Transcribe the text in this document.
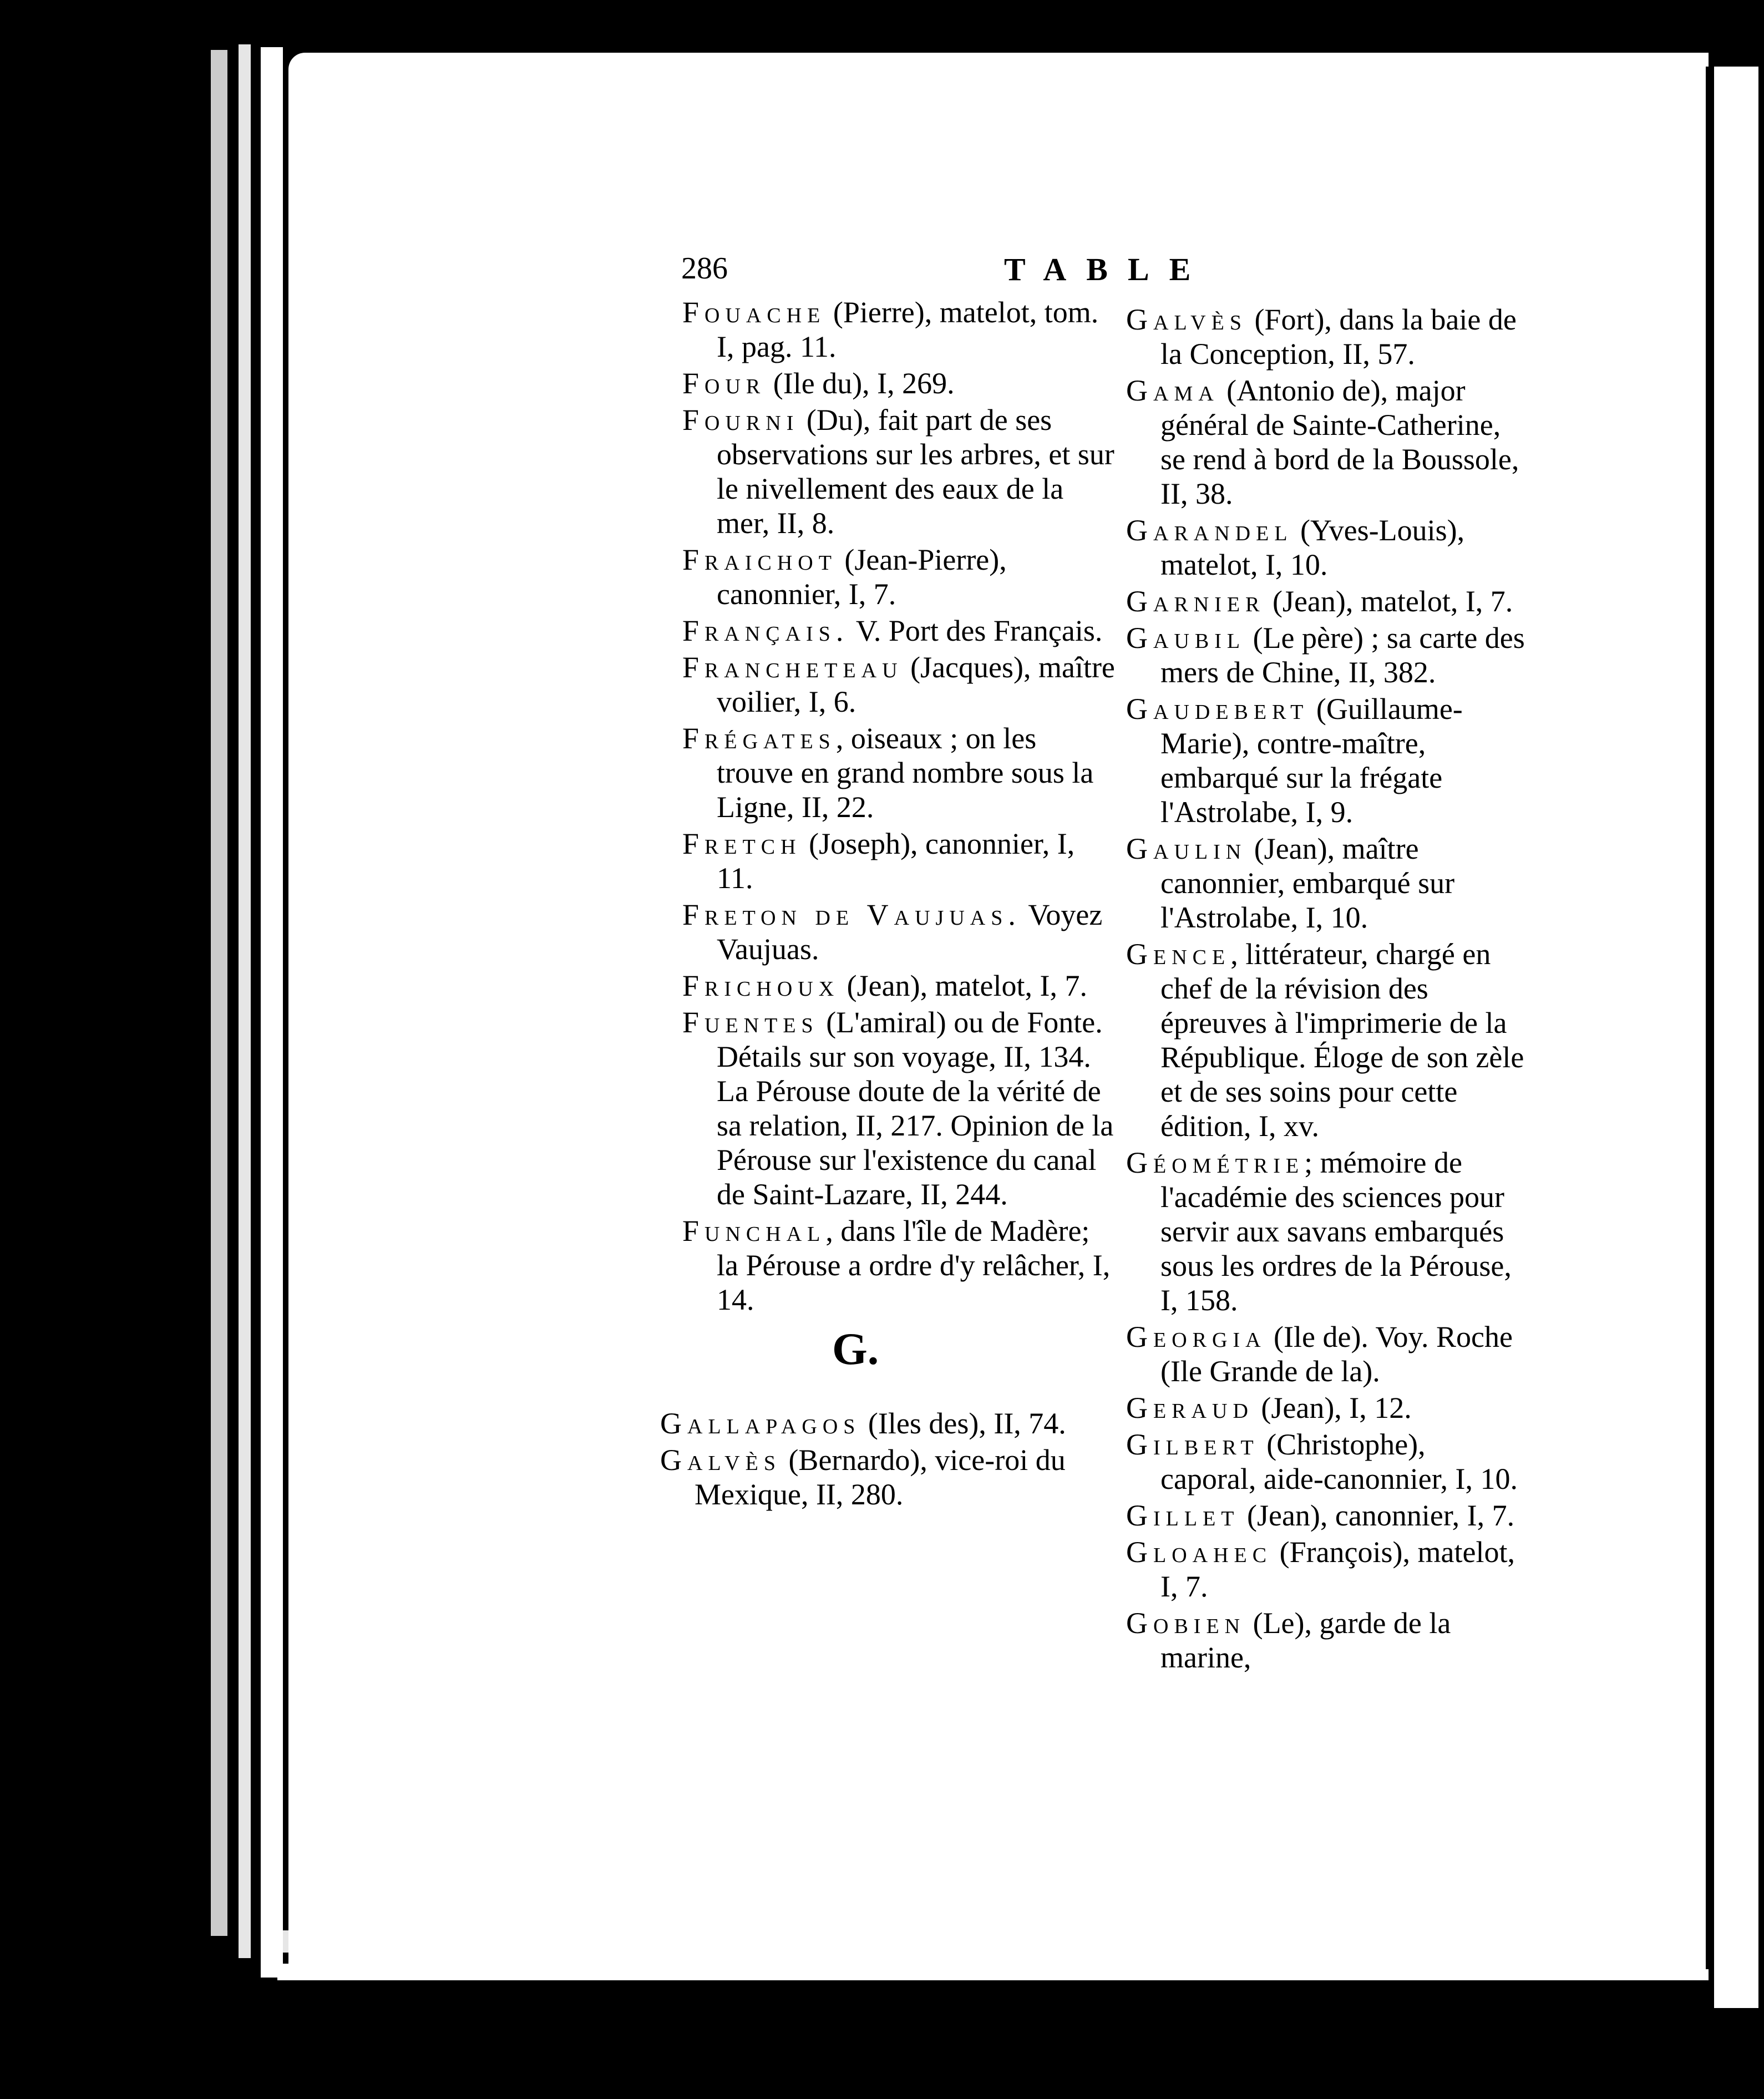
286	TABLE
Fouache (Pierre), matelot, tom. I, pag. 11.
Four (Ile du), I, 269.
Fourni (Du), fait part de ses observations sur les arbres, et sur le nivellement des eaux de la mer, II, 8.
Fraichot (Jean-Pierre), canonnier, I, 7.
Français. V. Port des Français.
Francheteau (Jacques), maître voilier, I, 6.
Frégates, oiseaux ; on les trouve en grand nombre sous la Ligne, II, 22.
Fretch (Joseph), canonnier, I, 11.
Freton de Vaujuas. Voyez Vaujuas.
Frichoux (Jean), matelot, I, 7.
Fuentes (L'amiral) ou de Fonte. Détails sur son voyage, II, 134. La Pérouse doute de la vérité de sa relation, II, 217. Opinion de la Pérouse sur l'existence du canal de Saint-Lazare, II, 244.
Funchal, dans l'île de Madère; la Pérouse a ordre d'y relâcher, I, 14.
G.
Gallapagos (Iles des), II, 74.
Galvès (Bernardo), vice-roi du Mexique, II, 280.
Galvès (Fort), dans la baie de la Conception, II, 57.
Gama (Antonio de), major général de Sainte-Catherine, se rend à bord de la Boussole, II, 38.
Garandel (Yves-Louis), matelot, I, 10.
Garnier (Jean), matelot, I, 7.
Gaubil (Le père) ; sa carte des mers de Chine, II, 382.
Gaudebert (Guillaume-Marie), contre-maître, embarqué sur la frégate l'Astrolabe, I, 9.
Gaulin (Jean), maître canonnier, embarqué sur l'Astrolabe, I, 10.
Gence, littérateur, chargé en chef de la révision des épreuves à l'imprimerie de la République. Éloge de son zèle et de ses soins pour cette édition, I, xv.
Géométrie; mémoire de l'académie des sciences pour servir aux savans embarqués sous les ordres de la Pérouse, I, 158.
Georgia (Ile de). Voy. Roche (Ile Grande de la).
Geraud (Jean), I, 12.
Gilbert (Christophe), caporal, aide-canonnier, I, 10.
Gillet (Jean), canonnier, I, 7.
Gloahec (François), matelot, I, 7.
Gobien (Le), garde de la marine,
